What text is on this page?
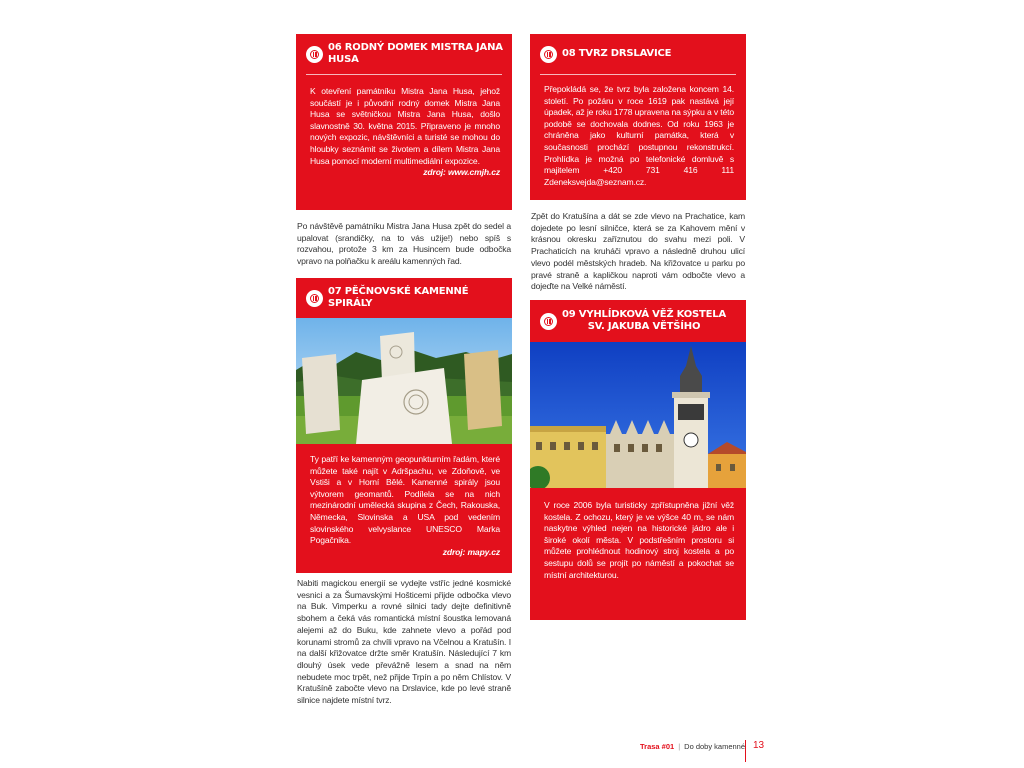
06 RODNÝ DOMEK MISTRA JANA HUSA
K otevření památníku Mistra Jana Husa, jehož součástí je i původní rodný domek Mistra Jana Husa se světničkou Mistra Jana Husa, došlo slavnostně 30. května 2015. Připraveno je mnoho nových expozic, návštěvníci a turisté se mohou do hloubky seznámit se životem a dílem Mistra Jana Husa pomocí moderní multimediální expozice.
zdroj: www.cmjh.cz
Po návštěvě památníku Mistra Jana Husa zpět do sedel a upalovat (srandičky, na to vás užije!) nebo spíš s rozvahou, protože 3 km za Husincem bude odbočka vpravo na polňačku k areálu kamenných řad.
07 PĚČNOVSKÉ KAMENNÉ SPIRÁLY
Ty patří ke kamenným geopunkturním řadám, které můžete také najít v Adršpachu, ve Zdoňově, ve Vstiši a v Horní Bělé. Kamenné spirály jsou výtvorem geomantů. Podílela se na nich mezinárodní umělecká skupina z Čech, Rakouska, Německa, Slovinska a USA pod vedením slovinského velvyslance UNESCO Marka Pogačnika.
zdroj: mapy.cz
Nabiti magickou energií se vydejte vstříc jedné kosmické vesnici a za Šumavskými Hošticemi přijde odbočka vlevo na Buk. Vimperku a rovné silnici tady dejte definitivně sbohem a čeká vás romantická místní šoustka lemovaná alejemi až do Buku, kde zahnete vlevo a pořád pod korunami stromů za chvíli vpravo na Včelnou a Kratušín. I na další křižovatce držte směr Kratušín. Následující 7 km dlouhý úsek vede převážně lesem a snad na něm nebudete moc trpět, než přijde Trpín a po něm Chlístov. V Kratušíně zabočte vlevo na Drslavice, kde po levé straně silnice najdete místní tvrz.
08 TVRZ DRSLAVICE
Přepokládá se, že tvrz byla založena koncem 14. století. Po požáru v roce 1619 pak nastává její úpadek, až je roku 1778 upravena na sýpku a v této podobě se dochovala dodnes. Od roku 1963 je chráněna jako kulturní památka, která v současnosti prochází postupnou rekonstrukcí. Prohlídka je možná po telefonické domluvě s majitelem +420 731 416 111 Zdeneksvejda@seznam.cz.
Zpět do Kratušína a dát se zde vlevo na Prachatice, kam dojedete po lesní silničce, která se za Kahovem mění v krásnou okresku zaříznutou do svahu mezi poli. V Prachaticích na kruháči vpravo a následně druhou ulicí vlevo podél městských hradeb. Na křižovatce u parku po pravé straně a kapličkou naproti vám odbočte vlevo a dojeďte na Velké náměstí.
09 VYHLÍDKOVÁ VĚŽ KOSTELA
SV. JAKUBA VĚTŠÍHO
V roce 2006 byla turisticky zpřístupněna jižní věž kostela. Z ochozu, který je ve výšce 40 m, se nám naskytne výhled nejen na historické jádro ale i široké okolí města. V podstřešním prostoru si můžete prohlédnout hodinový stroj kostela a po sestupu dolů se projít po náměstí a pokochat se místní architekturou.
Trasa #01 | Do doby kamenné 13
